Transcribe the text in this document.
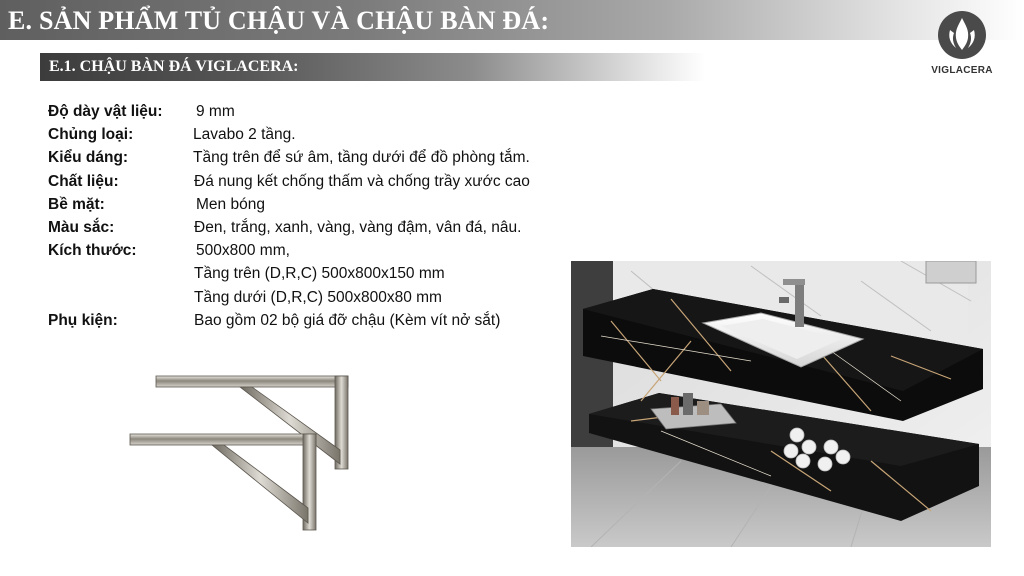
E. SẢN PHẨM TỦ CHẬU VÀ CHẬU BÀN ĐÁ:
E.1. CHẬU BÀN ĐÁ VIGLACERA:	VIGLACERA
Độ dày vật liệu: 9 mm
Chủng loại:	Lavabo 2 tầng.
Kiểu dáng:	Tầng trên để sứ âm, tầng dưới để đồ phòng tắm.
Chất liệu:	Đá nung kết chống thấm và chống trầy xước cao
Bề mặt:	Men bóng
Màu sắc:	Đen, trắng, xanh, vàng, vàng đậm, vân đá, nâu.
Kích thước:	500x800 mm,
Tầng trên (D,R,C) 500x800x150 mm
Tầng dưới (D,R,C) 500x800x80 mm
Phụ kiện:	Bao gồm 02 bộ giá đỡ chậu (Kèm vít nở sắt)
